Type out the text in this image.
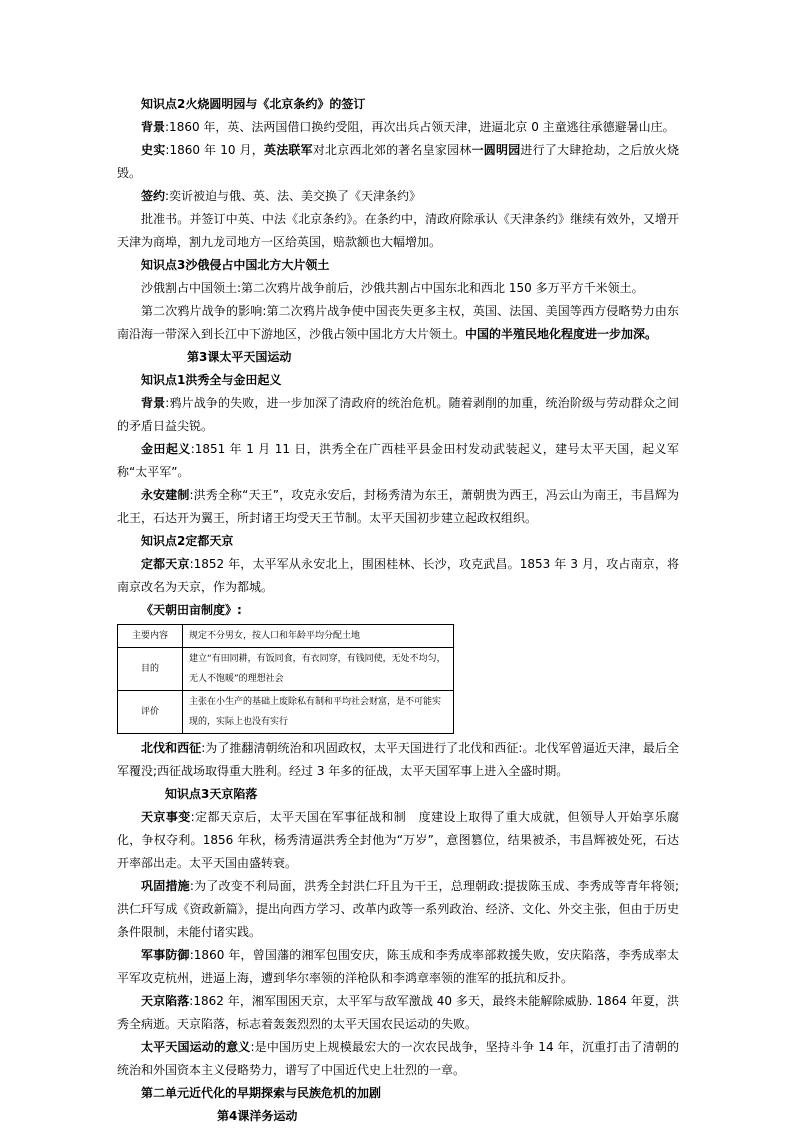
知识点2火烧圆明园与《北京条约》的签订

背景:1860 年，英、法两国借口换约受阻，再次出兵占领天津，进逼北京 0 主童逃往承德避暑山庄。

史实:1860 年 10 月，英法联军对北京西北郊的著名皇家园林一圆明园进行了大肆抢劫，之后放火烧毁。

签约:奕䜣被迫与俄、英、法、美交换了《天津条约》

批准书。并签订中英、中法《北京条约》。在条约中，清政府除承认《天津条约》继续有效外，又增开天津为商埠，割九龙司地方一区给英国，赔款额也大幅增加。

知识点3沙俄侵占中国北方大片领土

沙俄割占中国领土:第二次鸦片战争前后，沙俄共割占中国东北和西北 150 多万平方千米领土。

第二次鸦片战争的影响:第二次鸦片战争使中国丧失更多主权，英国、法国、美国等西方侵略势力由东南沿海一带深入到长江中下游地区，沙俄占领中国北方大片领土。中国的半殖民地化程度进一步加深。

第3课太平天国运动

知识点1洪秀全与金田起义

背景:鸦片战争的失败，进一步加深了清政府的统治危机。随着剥削的加重，统治阶级与劳动群众之间的矛盾日益尖锐。

金田起义:1851 年 1 月 11 日，洪秀全在广西桂平县金田村发动武装起义，建号太平天国，起义军称“太平军”。

永安建制:洪秀全称“天王”，攻克永安后，封杨秀清为东王，萧朝贵为西王，冯云山为南王，韦昌辉为北王，石达开为翼王，所封诸王均受天王节制。太平天国初步建立起政权组织。

知识点2定都天京

定都天京:1852 年，太平军从永安北上，围困桂林、长沙，攻克武昌。1853 年 3 月，攻占南京，将南京改名为天京，作为都城。

《天朝田亩制度》:

主要内容	规定不分男女，按人口和年龄平均分配土地
目的	建立“有田同耕，有饭同食，有衣同穿，有钱同使，无处不均匀，无人不饱暖”的理想社会
评价	主张在小生产的基础上废除私有制和平均社会财富，是不可能实现的，实际上也没有实行

北伐和西征:为了推翻清朝统治和巩固政权，太平天国进行了北伐和西征:。北伐军曾逼近天津，最后全军覆没;西征战场取得重大胜利。经过 3 年多的征战，太平天国军事上进入全盛时期。

知识点3天京陷落

天京事变:定都天京后，太平天国在军事征战和制　度建设上取得了重大成就，但领导人开始享乐腐化，争权夺利。1856 年秋，杨秀清逼洪秀全封他为“万岁”，意图篡位，结果被杀，韦昌辉被处死，石达开率部出走。太平天国由盛转衰。

巩固措施:为了改变不利局面，洪秀全封洪仁玕且为干王，总理朝政:提拔陈玉成、李秀成等青年将领;洪仁玕写成《资政新篇》，提出向西方学习、改革内政等一系列政治、经济、文化、外交主张，但由于历史条件限制，未能付诸实践。

军事防御:1860 年，曾国藩的湘军包围安庆，陈玉成和李秀成率部救援失败，安庆陷落，李秀成率太平军攻克杭州，进逼上海，遭到华尔率领的洋枪队和李鸿章率领的淮军的抵抗和反扑。

天京陷落:1862 年，湘军围困天京，太平军与敌军激战 40 多天，最终未能解除威胁. 1864 年夏，洪秀全病逝。天京陷落，标志着轰轰烈烈的太平天国农民运动的失败。

太平天国运动的意义:是中国历史上规模最宏大的一次农民战争，坚持斗争 14 年，沉重打击了清朝的统治和外国资本主义侵略势力，谱写了中国近代史上壮烈的一章。

第二单元近代化的早期探索与民族危机的加剧

第4课洋务运动
